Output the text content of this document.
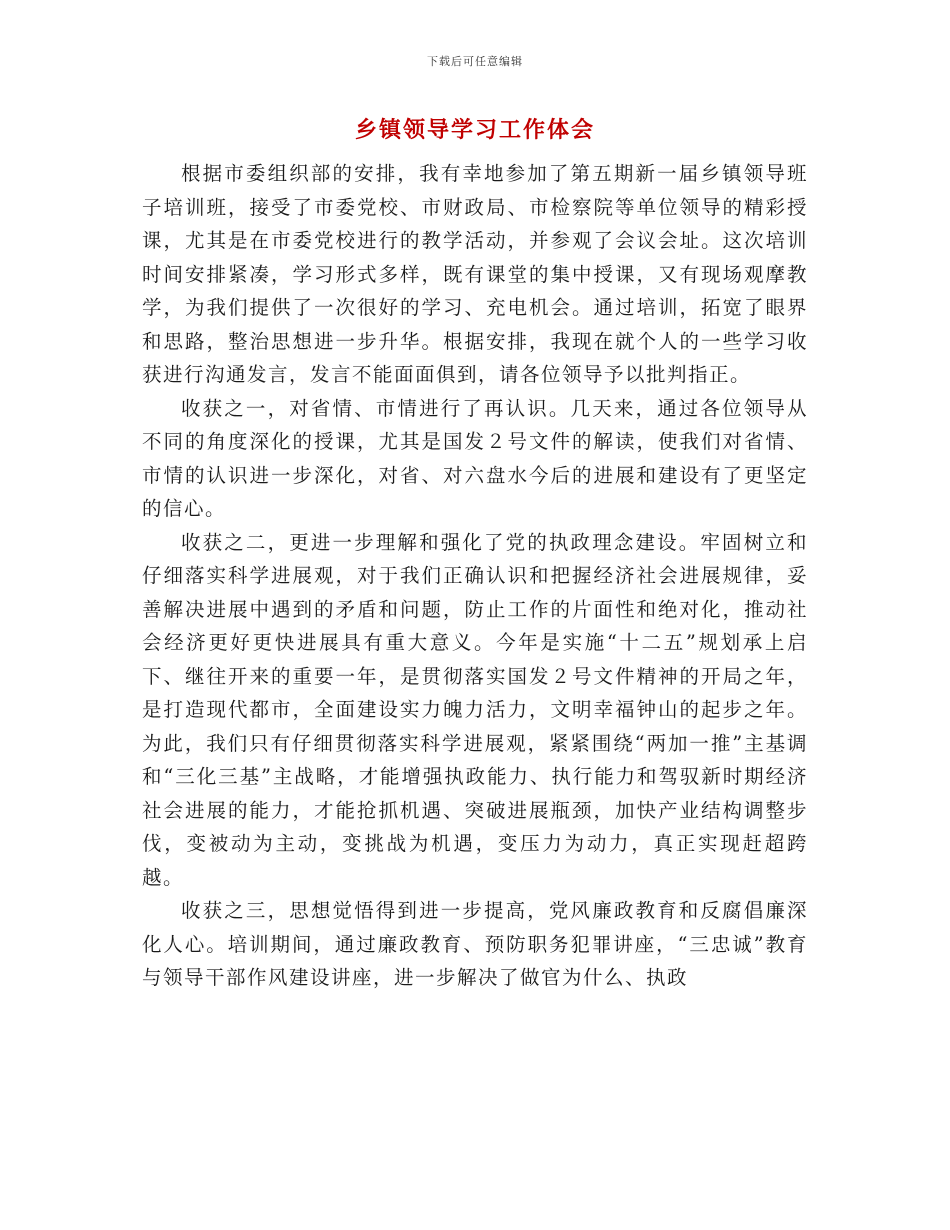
下载后可任意编辑
乡镇领导学习工作体会

根据市委组织部的安排，我有幸地参加了第五期新一届乡镇领导班子培训班，接受了市委党校、市财政局、市检察院等单位领导的精彩授课，尤其是在市委党校进行的教学活动，并参观了会议会址。这次培训时间安排紧凑，学习形式多样，既有课堂的集中授课，又有现场观摩教学，为我们提供了一次很好的学习、充电机会。通过培训，拓宽了眼界和思路，整治思想进一步升华。根据安排，我现在就个人的一些学习收获进行沟通发言，发言不能面面俱到，请各位领导予以批判指正。

收获之一，对省情、市情进行了再认识。几天来，通过各位领导从不同的角度深化的授课，尤其是国发２号文件的解读，使我们对省情、市情的认识进一步深化，对省、对六盘水今后的进展和建设有了更坚定的信心。

收获之二，更进一步理解和强化了党的执政理念建设。牢固树立和仔细落实科学进展观，对于我们正确认识和把握经济社会进展规律，妥善解决进展中遇到的矛盾和问题，防止工作的片面性和绝对化，推动社会经济更好更快进展具有重大意义。今年是实施“十二五”规划承上启下、继往开来的重要一年，是贯彻落实国发２号文件精神的开局之年，是打造现代都市，全面建设实力魄力活力，文明幸福钟山的起步之年。为此，我们只有仔细贯彻落实科学进展观，紧紧围绕“两加一推”主基调和“三化三基”主战略，才能增强执政能力、执行能力和驾驭新时期经济社会进展的能力，才能抢抓机遇、突破进展瓶颈，加快产业结构调整步伐，变被动为主动，变挑战为机遇，变压力为动力，真正实现赶超跨越。

收获之三，思想觉悟得到进一步提高，党风廉政教育和反腐倡廉深化人心。培训期间，通过廉政教育、预防职务犯罪讲座，“三忠诚”教育与领导干部作风建设讲座，进一步解决了做官为什么、执政
